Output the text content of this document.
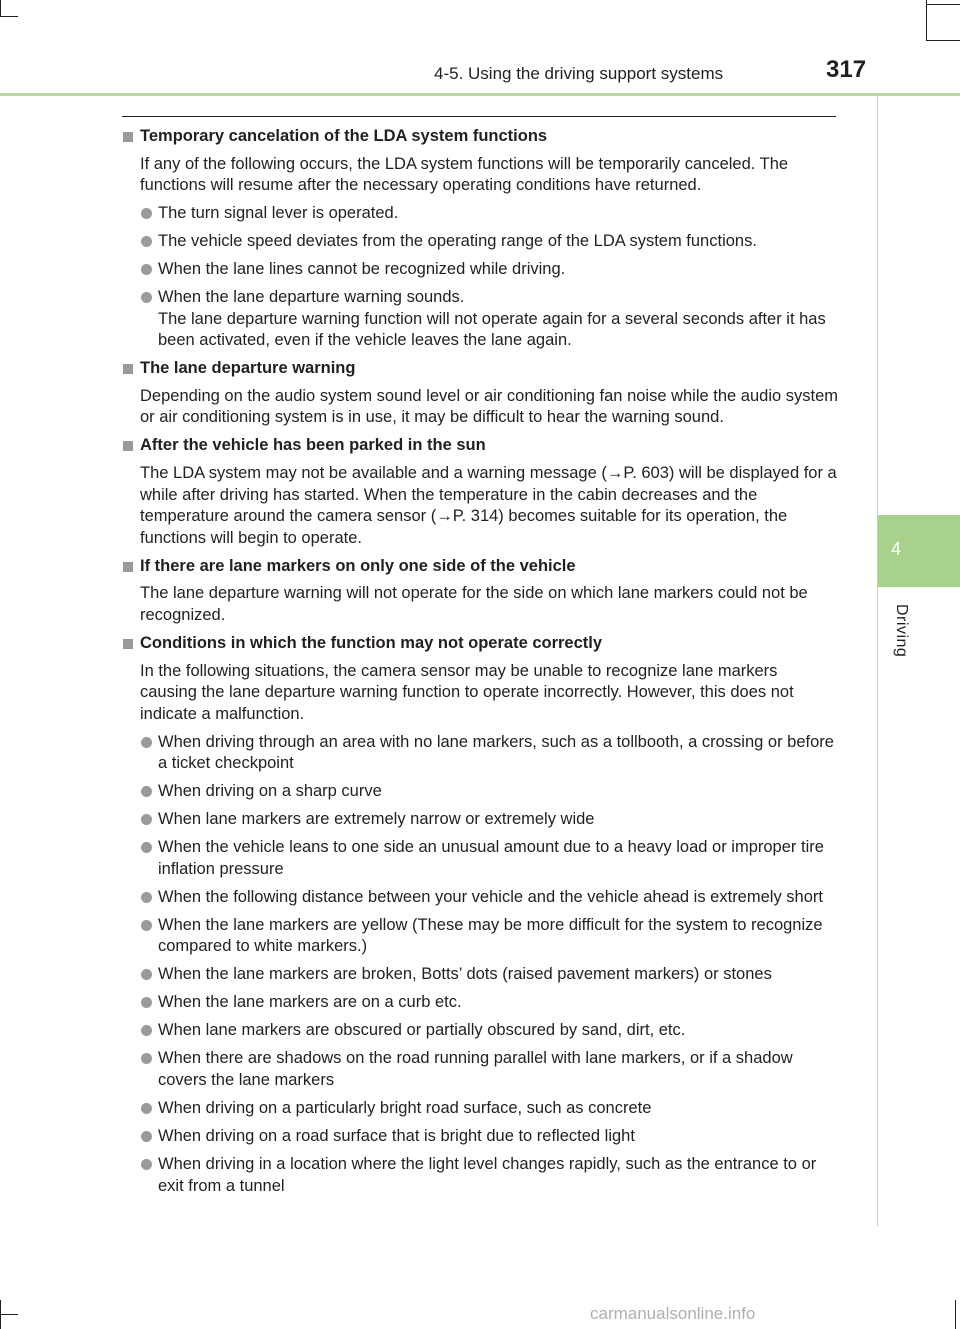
4-5. Using the driving support systems	317
4
Driving
Temporary cancelation of the LDA system functions

If any of the following occurs, the LDA system functions will be temporarily canceled. The functions will resume after the necessary operating conditions have returned.

The turn signal lever is operated.
The vehicle speed deviates from the operating range of the LDA system functions.
When the lane lines cannot be recognized while driving.
When the lane departure warning sounds.
The lane departure warning function will not operate again for a several seconds after it has been activated, even if the vehicle leaves the lane again.
The lane departure warning

Depending on the audio system sound level or air conditioning fan noise while the audio system or air conditioning system is in use, it may be difficult to hear the warning sound.

After the vehicle has been parked in the sun

The LDA system may not be available and a warning message (→P. 603) will be displayed for a while after driving has started. When the temperature in the cabin decreases and the temperature around the camera sensor (→P. 314) becomes suitable for its operation, the functions will begin to operate.

If there are lane markers on only one side of the vehicle

The lane departure warning will not operate for the side on which lane markers could not be recognized.

Conditions in which the function may not operate correctly

In the following situations, the camera sensor may be unable to recognize lane markers causing the lane departure warning function to operate incorrectly. However, this does not indicate a malfunction.

When driving through an area with no lane markers, such as a tollbooth, a crossing or before a ticket checkpoint
When driving on a sharp curve
When lane markers are extremely narrow or extremely wide
When the vehicle leans to one side an unusual amount due to a heavy load or improper tire inflation pressure
When the following distance between your vehicle and the vehicle ahead is extremely short
When the lane markers are yellow (These may be more difficult for the system to recognize compared to white markers.)
When the lane markers are broken, Botts’ dots (raised pavement markers) or stones
When the lane markers are on a curb etc.
When lane markers are obscured or partially obscured by sand, dirt, etc.
When there are shadows on the road running parallel with lane markers, or if a shadow covers the lane markers
When driving on a particularly bright road surface, such as concrete
When driving on a road surface that is bright due to reflected light
When driving in a location where the light level changes rapidly, such as the entrance to or exit from a tunnel
carmanualsonline.info
